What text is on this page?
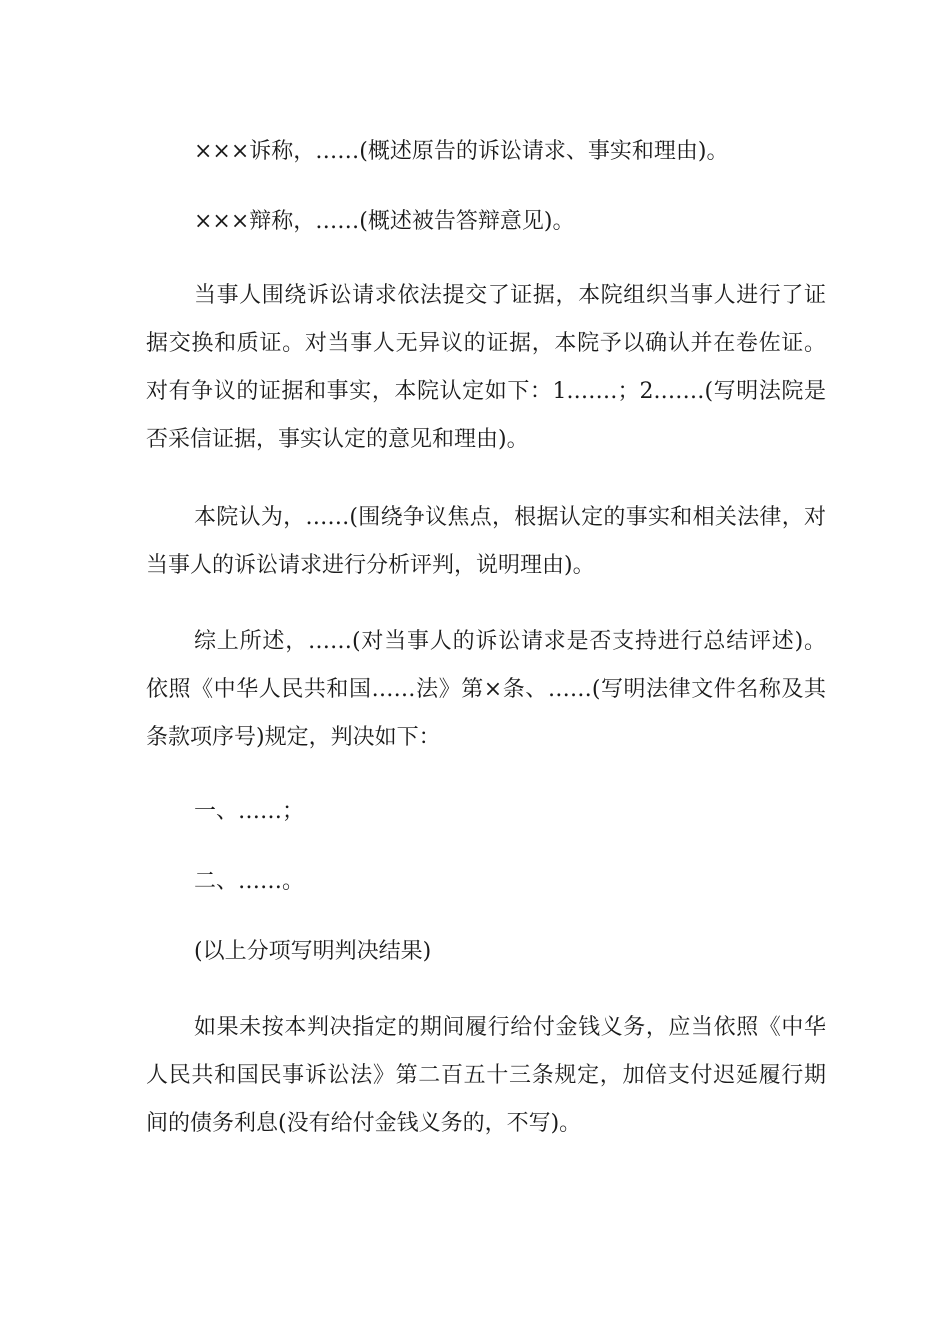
×××诉称，……(概述原告的诉讼请求、事实和理由)。

×××辩称，……(概述被告答辩意见)。

当事人围绕诉讼请求依法提交了证据，本院组织当事人进行了证据交换和质证。对当事人无异议的证据，本院予以确认并在卷佐证。对有争议的证据和事实，本院认定如下：1.……；2.……(写明法院是否采信证据，事实认定的意见和理由)。

本院认为，……(围绕争议焦点，根据认定的事实和相关法律，对当事人的诉讼请求进行分析评判，说明理由)。

综上所述，……(对当事人的诉讼请求是否支持进行总结评述)。依照《中华人民共和国……法》第×条、……(写明法律文件名称及其条款项序号)规定，判决如下：

一、……；

二、……。

(以上分项写明判决结果)

如果未按本判决指定的期间履行给付金钱义务，应当依照《中华人民共和国民事诉讼法》第二百五十三条规定，加倍支付迟延履行期间的债务利息(没有给付金钱义务的，不写)。
